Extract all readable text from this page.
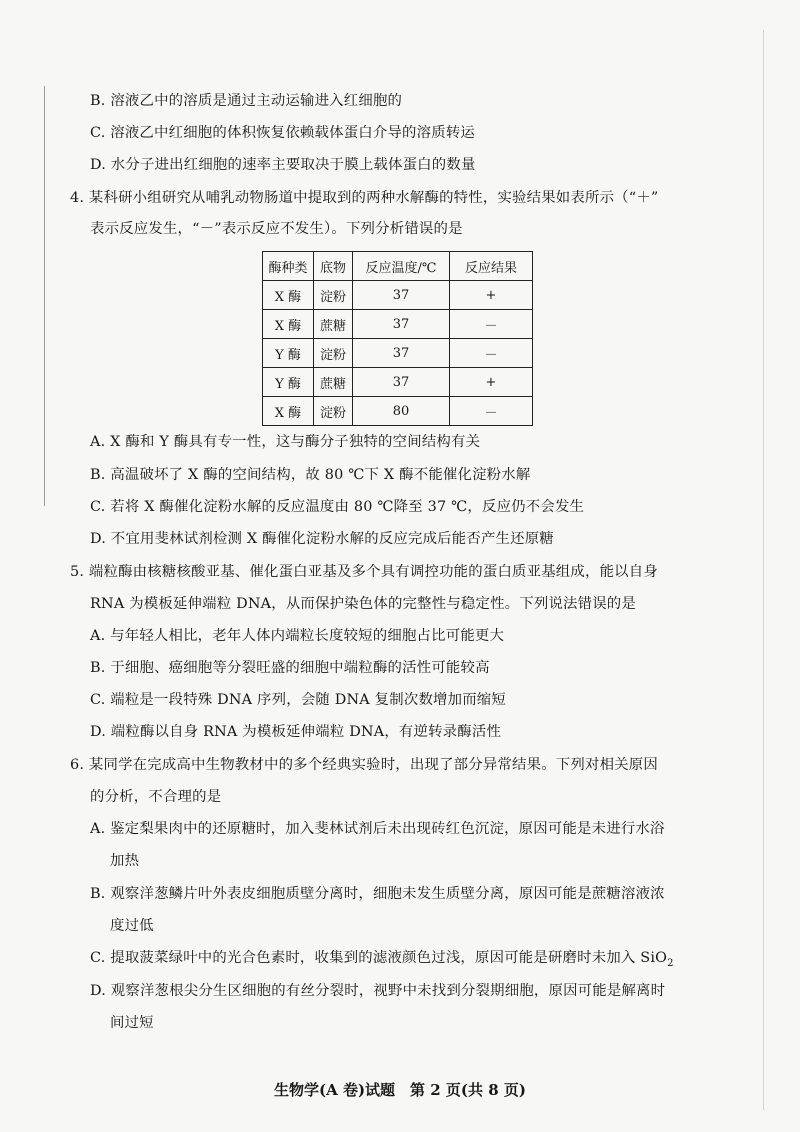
B. 溶液乙中的溶质是通过主动运输进入红细胞的
C. 溶液乙中红细胞的体积恢复依赖载体蛋白介导的溶质转运
D. 水分子进出红细胞的速率主要取决于膜上载体蛋白的数量
4. 某科研小组研究从哺乳动物肠道中提取到的两种水解酶的特性，实验结果如表所示（“＋”
表示反应发生，“－”表示反应不发生）。下列分析错误的是
酶种类	底物	反应温度/℃	反应结果
X 酶	淀粉	37	+
X 酶	蔗糖	37	－
Y 酶	淀粉	37	－
Y 酶	蔗糖	37	+
X 酶	淀粉	80	－
A. X 酶和 Y 酶具有专一性，这与酶分子独特的空间结构有关
B. 高温破坏了 X 酶的空间结构，故 80 ℃下 X 酶不能催化淀粉水解
C. 若将 X 酶催化淀粉水解的反应温度由 80 ℃降至 37 ℃，反应仍不会发生
D. 不宜用斐林试剂检测 X 酶催化淀粉水解的反应完成后能否产生还原糖
5. 端粒酶由核糖核酸亚基、催化蛋白亚基及多个具有调控功能的蛋白质亚基组成，能以自身
RNA 为模板延伸端粒 DNA，从而保护染色体的完整性与稳定性。下列说法错误的是
A. 与年轻人相比，老年人体内端粒长度较短的细胞占比可能更大
B. 于细胞、癌细胞等分裂旺盛的细胞中端粒酶的活性可能较高
C. 端粒是一段特殊 DNA 序列，会随 DNA 复制次数增加而缩短
D. 端粒酶以自身 RNA 为模板延伸端粒 DNA，有逆转录酶活性
6. 某同学在完成高中生物教材中的多个经典实验时，出现了部分异常结果。下列对相关原因
的分析，不合理的是
A. 鉴定梨果肉中的还原糖时，加入斐林试剂后未出现砖红色沉淀，原因可能是未进行水浴
加热
B. 观察洋葱鳞片叶外表皮细胞质壁分离时，细胞未发生质壁分离，原因可能是蔗糖溶液浓
度过低
C. 提取菠菜绿叶中的光合色素时，收集到的滤液颜色过浅，原因可能是研磨时未加入 SiO$_2$
D. 观察洋葱根尖分生区细胞的有丝分裂时，视野中未找到分裂期细胞，原因可能是解离时
间过短
生物学(A 卷)试题　第 2 页(共 8 页)
